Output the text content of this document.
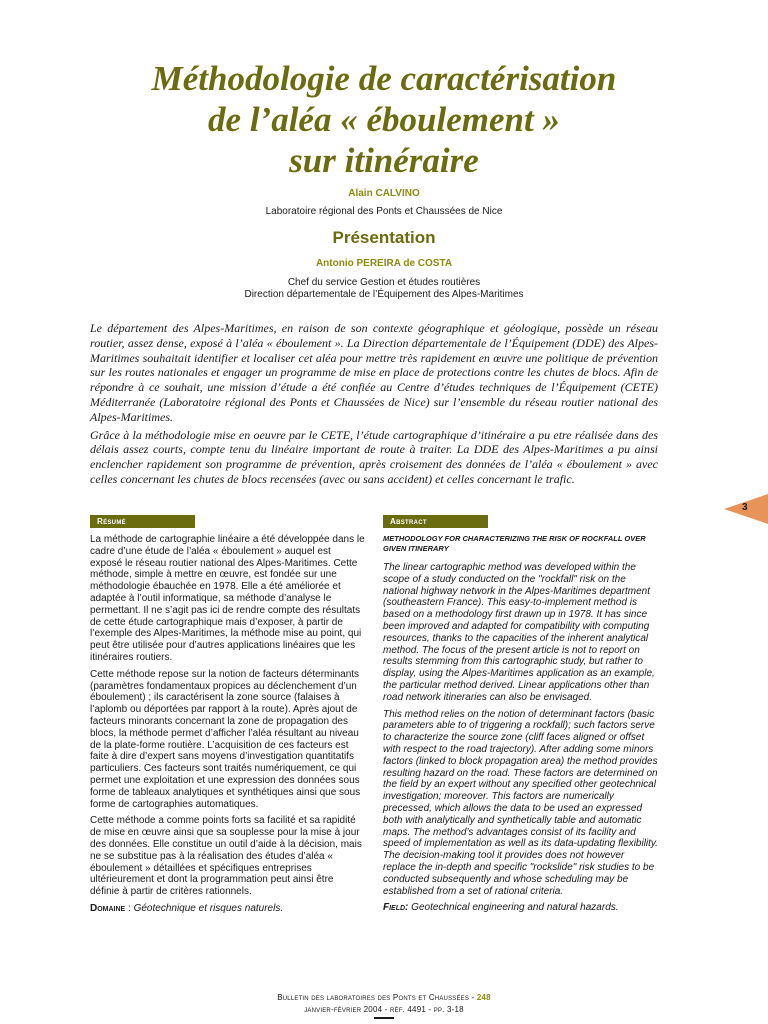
Méthodologie de caractérisation
de l’aléa « éboulement »
sur itinéraire
Alain CALVINO
Laboratoire régional des Ponts et Chaussées de Nice
Présentation
Antonio PEREIRA de COSTA
Chef du service Gestion et études routières
Direction départementale de l’Équipement des Alpes-Maritimes

Le département des Alpes-Maritimes, en raison de son contexte géographique et géologique, possède un réseau routier, assez dense, exposé à l’aléa « éboulement ». La Direction départementale de l’Équipement (DDE) des Alpes-Maritimes souhaitait identifier et localiser cet aléa pour mettre très rapidement en œuvre une politique de prévention sur les routes nationales et engager un programme de mise en place de protections contre les chutes de blocs. Afin de répondre à ce souhait, une mission d’étude a été confiée au Centre d’études techniques de l’Équipement (CETE) Méditerranée (Laboratoire régional des Ponts et Chaussées de Nice) sur l’ensemble du réseau routier national des Alpes-Maritimes.

Grâce à la méthodologie mise en oeuvre par le CETE, l’étude cartographique d’itinéraire a pu etre réalisée dans des délais assez courts, compte tenu du linéaire important de route à traiter. La DDE des Alpes-Maritimes a pu ainsi enclencher rapidement son programme de prévention, après croisement des données de l’aléa « éboulement » avec celles concernant les chutes de blocs recensées (avec ou sans accident) et celles concernant le trafic.

3
Résumé	Abstract

La méthode de cartographie linéaire a été développée dans le cadre d’une étude de l’aléa « éboulement » auquel est exposé le réseau routier national des Alpes-Maritimes. Cette méthode, simple à mettre en œuvre, est fondée sur une méthodologie ébauchée en 1978. Elle a été améliorée et adaptée à l’outil informatique, sa méthode d’analyse le permettant. Il ne s’agit pas ici de rendre compte des résultats de cette étude cartographique mais d’exposer, à partir de l’exemple des Alpes-Maritimes, la méthode mise au point, qui peut être utilisée pour d’autres applications linéaires que les itinéraires routiers.

Cette méthode repose sur la notion de facteurs déterminants (paramètres fondamentaux propices au déclenchement d’un éboulement) ; ils caractérisent la zone source (falaises à l’aplomb ou déportées par rapport à la route). Après ajout de facteurs minorants concernant la zone de propagation des blocs, la méthode permet d’afficher l’aléa résultant au niveau de la plate-forme routière. L’acquisition de ces facteurs est faite à dire d’expert sans moyens d’investigation quantitatifs particuliers. Ces facteurs sont traités numériquement, ce qui permet une exploitation et une expression des données sous forme de tableaux analytiques et synthétiques ainsi que sous forme de cartographies automatiques.

Cette méthode a comme points forts sa facilité et sa rapidité de mise en œuvre ainsi que sa souplesse pour la mise à jour des données. Elle constitue un outil d’aide à la décision, mais ne se substitue pas à la réalisation des études d’aléa « éboulement » détaillées et spécifiques entreprises ultérieurement et dont la programmation peut ainsi être définie à partir de critères rationnels.

Domaine : Géotechnique et risques naturels.

METHODOLOGY FOR CHARACTERIZING THE RISK OF ROCKFALL OVER GIVEN ITINERARY

The linear cartographic method was developed within the scope of a study conducted on the "rockfall" risk on the national highway network in the Alpes-Maritimes department (southeastern France). This easy-to-implement method is based on a methodology first drawn up in 1978. It has since been improved and adapted for compatibility with computing resources, thanks to the capacities of the inherent analytical method. The focus of the present article is not to report on results stemming from this cartographic study, but rather to display, using the Alpes-Maritimes application as an example, the particular method derived. Linear applications other than road network itineraries can also be envisaged.

This method relies on the notion of determinant factors (basic parameters able to of triggering a rockfall); such factors serve to characterize the source zone (cliff faces aligned or offset with respect to the road trajectory). After adding some minors factors (linked to block propagation area) the method provides resulting hazard on the road. These factors are determined on the field by an expert without any specified other geotechnical investigation; moreover. This factors are numerically precessed, which allows the data to be used an expressed both with analytically and synthetically table and automatic maps. The method’s advantages consist of its facility and speed of implementation as well as its data-updating flexibility. The decision-making tool it provides does not however replace the in-depth and specific "rockslide" risk studies to be conducted subsequently and whose scheduling may be established from a set of rational criteria.

Field: Geotechnical engineering and natural hazards.

Bulletin des laboratoires des Ponts et Chaussées - 248
janvier-février 2004 - réf. 4491 - pp. 3-18
